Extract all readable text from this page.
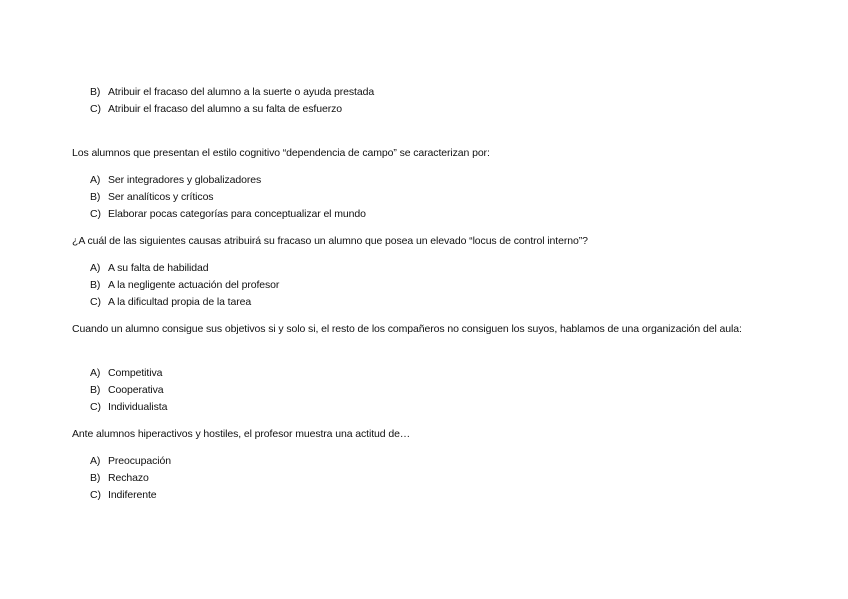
B) Atribuir el fracaso del alumno a la suerte o ayuda prestada
C) Atribuir el fracaso del alumno a su falta de esfuerzo
Los alumnos que presentan el estilo cognitivo “dependencia de campo” se caracterizan por:
A) Ser integradores y globalizadores
B) Ser analíticos y críticos
C) Elaborar pocas categorías para conceptualizar el mundo
¿A cuál de las siguientes causas atribuirá su fracaso un alumno que posea un elevado “locus de control interno”?
A) A su falta de habilidad
B) A la negligente actuación del profesor
C) A la dificultad propia de la tarea
Cuando un alumno consigue sus objetivos si y solo si, el resto de los compañeros no consiguen los suyos, hablamos de una organización del aula:
A) Competitiva
B) Cooperativa
C) Individualista
Ante alumnos hiperactivos y hostiles, el profesor muestra una actitud de…
A) Preocupación
B) Rechazo
C) Indiferente
